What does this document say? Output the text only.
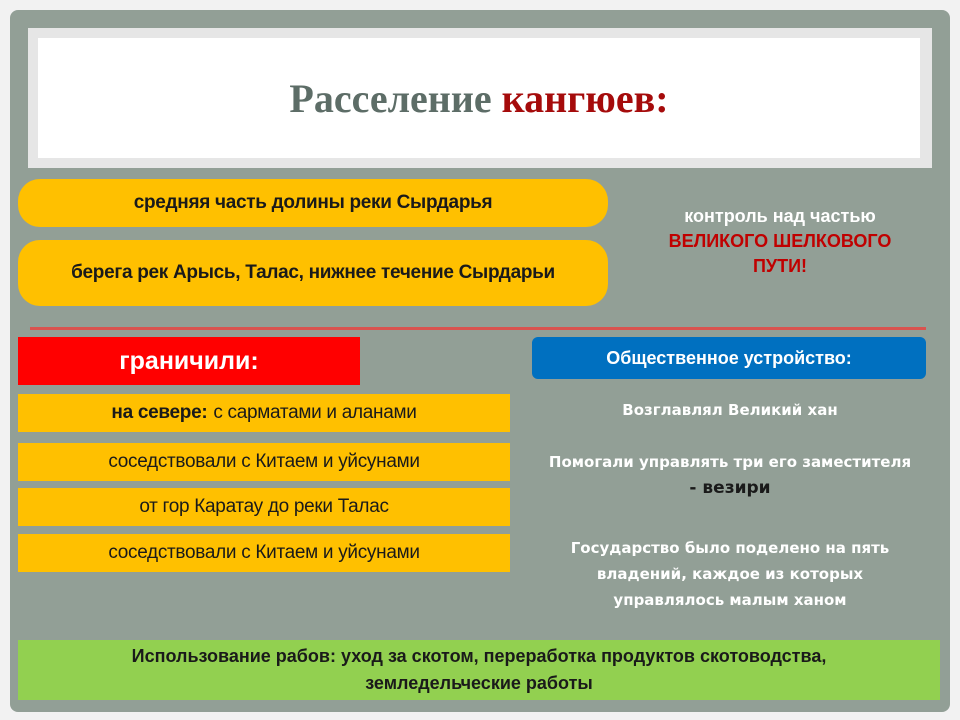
Расселение кангюев:
средняя часть долины реки Сырдарья
берега рек Арысь, Талас, нижнее течение Сырдарьи
контроль над частью
ВЕЛИКОГО ШЕЛКОВОГО ПУТИ!
граничили:	Общественное устройство:
на севере: с сарматами и аланами
соседствовали с Китаем и уйсунами
от гор Каратау до реки Талас
соседствовали с Китаем и уйсунами
Возглавлял Великий хан
Помогали управлять три его заместителя
- везири
Государство было поделено на пять владений, каждое из которых управлялось малым ханом
Использование рабов: уход за скотом, переработка продуктов скотоводства,
земледельческие работы
